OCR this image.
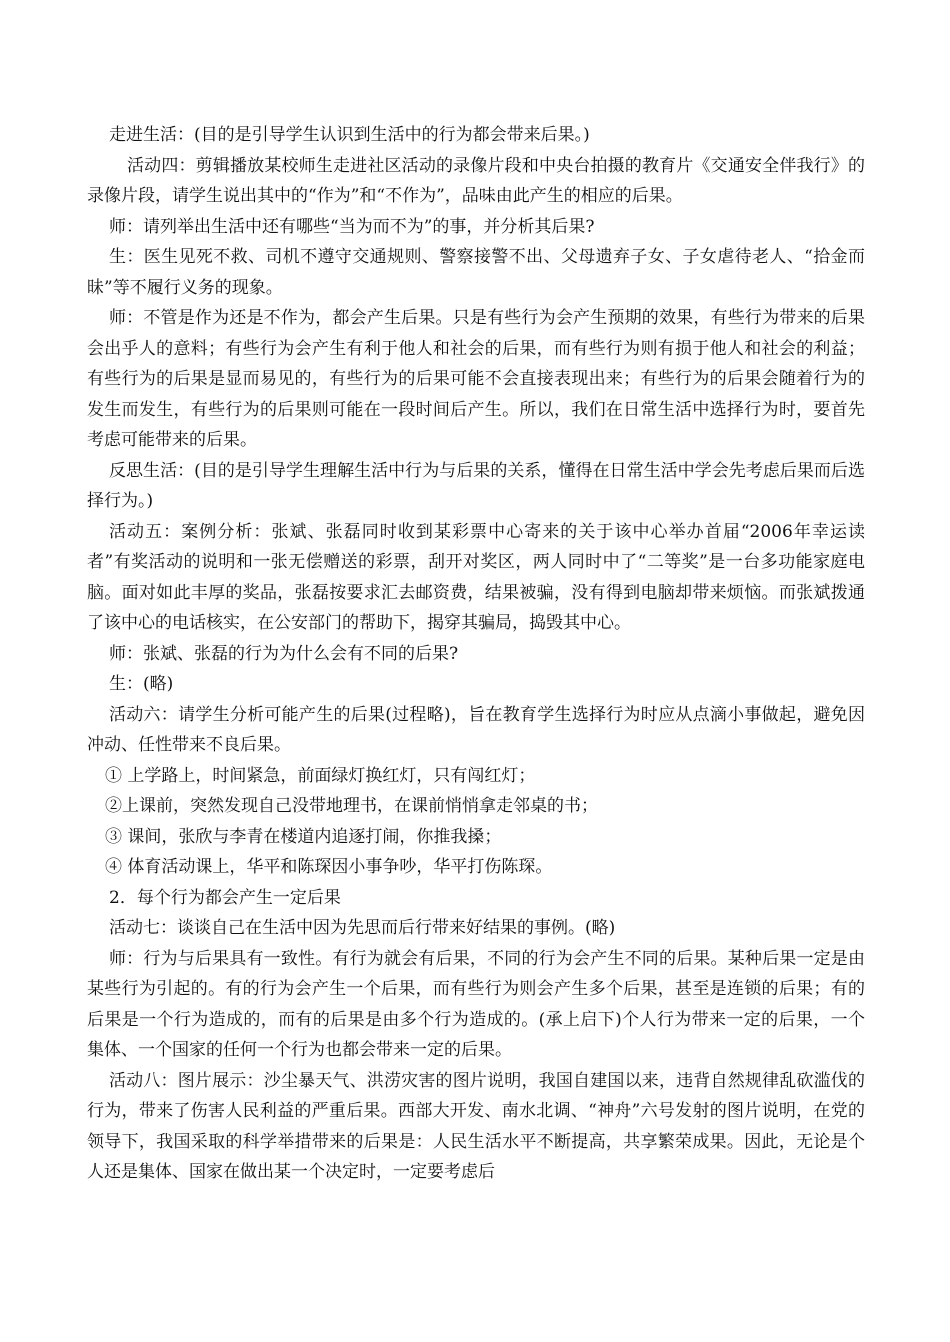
走进生活：(目的是引导学生认识到生活中的行为都会带来后果。)

活动四：剪辑播放某校师生走进社区活动的录像片段和中央台拍摄的教育片《交通安全伴我行》的录像片段，请学生说出其中的“作为”和“不作为”，品味由此产生的相应的后果。

师：请列举出生活中还有哪些“当为而不为”的事，并分析其后果?

生：医生见死不救、司机不遵守交通规则、警察接警不出、父母遗弃子女、子女虐待老人、“拾金而昧”等不履行义务的现象。

师：不管是作为还是不作为，都会产生后果。只是有些行为会产生预期的效果，有些行为带来的后果会出乎人的意料；有些行为会产生有利于他人和社会的后果，而有些行为则有损于他人和社会的利益；有些行为的后果是显而易见的，有些行为的后果可能不会直接表现出来；有些行为的后果会随着行为的发生而发生，有些行为的后果则可能在一段时间后产生。所以，我们在日常生活中选择行为时，要首先考虑可能带来的后果。

反思生活：(目的是引导学生理解生活中行为与后果的关系，懂得在日常生活中学会先考虑后果而后选择行为。)

活动五：案例分析：张斌、张磊同时收到某彩票中心寄来的关于该中心举办首届“2006年幸运读者”有奖活动的说明和一张无偿赠送的彩票，刮开对奖区，两人同时中了“二等奖”是一台多功能家庭电脑。面对如此丰厚的奖品，张磊按要求汇去邮资费，结果被骗，没有得到电脑却带来烦恼。而张斌拨通了该中心的电话核实，在公安部门的帮助下，揭穿其骗局，捣毁其中心。

师：张斌、张磊的行为为什么会有不同的后果?

生：(略)

活动六：请学生分析可能产生的后果(过程略)，旨在教育学生选择行为时应从点滴小事做起，避免因冲动、任性带来不良后果。

① 上学路上，时间紧急，前面绿灯换红灯，只有闯红灯；

②上课前，突然发现自己没带地理书，在课前悄悄拿走邻桌的书；

③ 课间，张欣与李青在楼道内追逐打闹，你推我搡；

④ 体育活动课上，华平和陈琛因小事争吵，华平打伤陈琛。

2．每个行为都会产生一定后果

活动七：谈谈自己在生活中因为先思而后行带来好结果的事例。(略)

师：行为与后果具有一致性。有行为就会有后果，不同的行为会产生不同的后果。某种后果一定是由某些行为引起的。有的行为会产生一个后果，而有些行为则会产生多个后果，甚至是连锁的后果；有的后果是一个行为造成的，而有的后果是由多个行为造成的。(承上启下)个人行为带来一定的后果，一个集体、一个国家的任何一个行为也都会带来一定的后果。

活动八：图片展示：沙尘暴天气、洪涝灾害的图片说明，我国自建国以来，违背自然规律乱砍滥伐的行为，带来了伤害人民利益的严重后果。西部大开发、南水北调、“神舟”六号发射的图片说明，在党的领导下，我国采取的科学举措带来的后果是：人民生活水平不断提高，共享繁荣成果。因此，无论是个人还是集体、国家在做出某一个决定时，一定要考虑后
